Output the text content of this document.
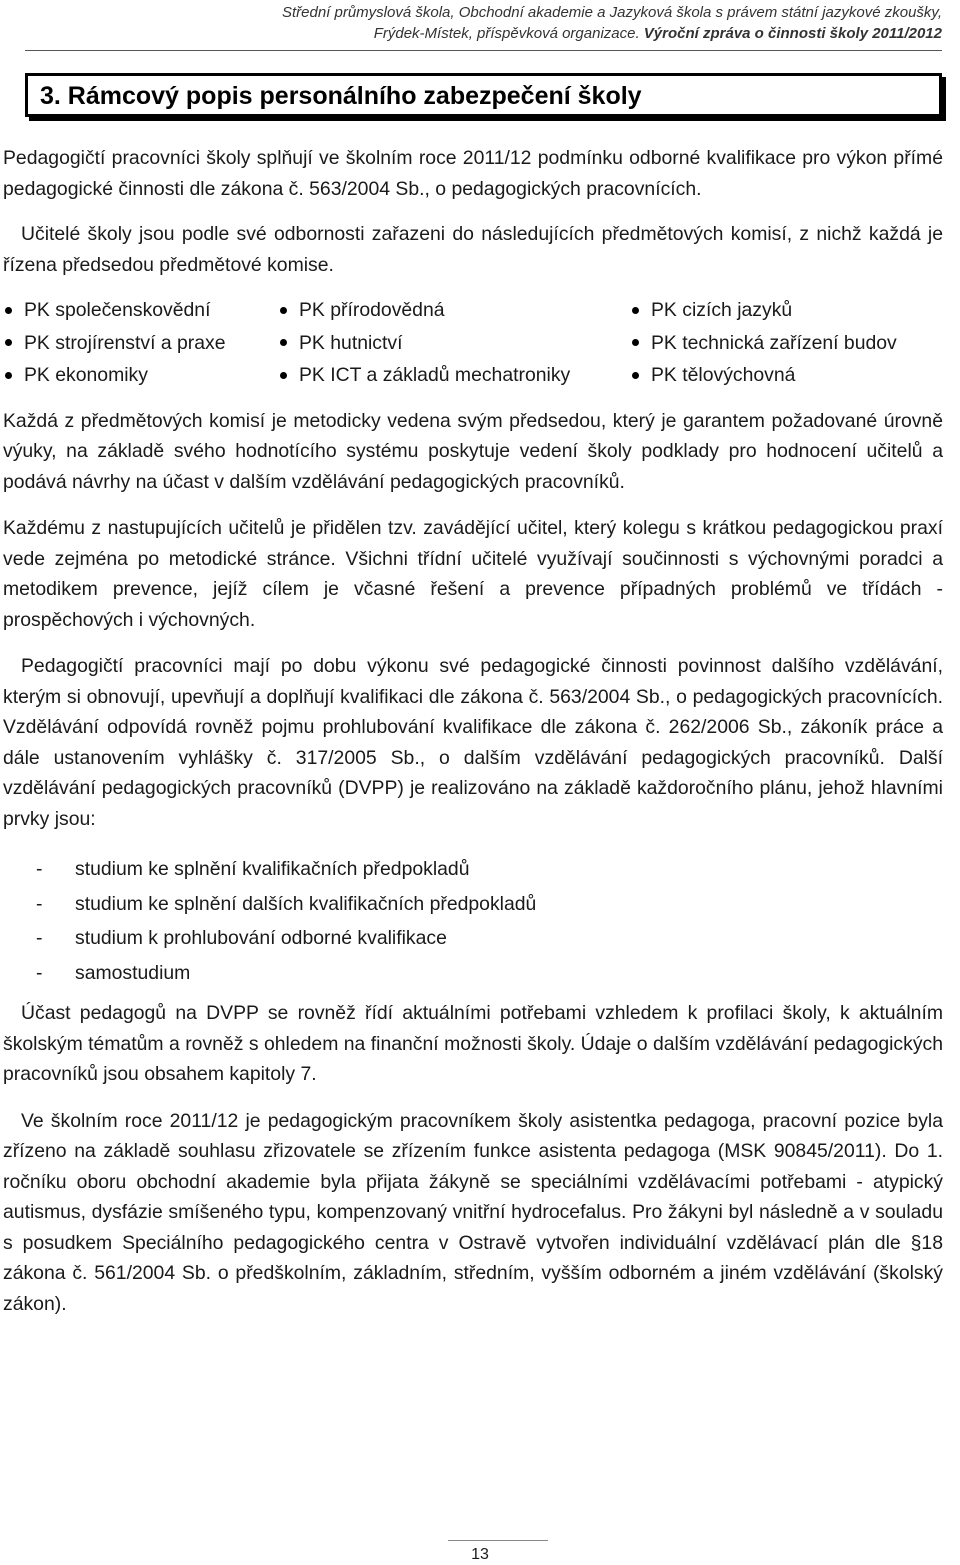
Střední průmyslová škola, Obchodní akademie a Jazyková škola s právem státní jazykové zkoušky,
Frýdek-Místek, příspěvková organizace. Výroční zpráva o činnosti školy 2011/2012
3. Rámcový popis personálního zabezpečení školy

Pedagogičtí pracovníci školy splňují ve školním roce 2011/12 podmínku odborné kvalifikace pro výkon přímé pedagogické činnosti dle zákona č. 563/2004 Sb., o pedagogických pracovnících.

Učitelé školy jsou podle své odbornosti zařazeni do následujících předmětových komisí, z nichž každá je řízena předsedou předmětové komise.

PK společenskovědní	PK přírodovědná	PK cizích jazyků
PK strojírenství a praxe	PK hutnictví	PK technická zařízení budov
PK ekonomiky	PK ICT a základů mechatroniky	PK tělovýchovná

Každá z předmětových komisí je metodicky vedena svým předsedou, který je garantem požadované úrovně výuky, na základě svého hodnotícího systému poskytuje vedení školy podklady pro hodnocení učitelů a podává návrhy na účast v dalším vzdělávání pedagogických pracovníků.

Každému z nastupujících učitelů je přidělen tzv. zavádějící učitel, který kolegu s krátkou pedagogickou praxí vede zejména po metodické stránce. Všichni třídní učitelé využívají součinnosti s výchovnými poradci a metodikem prevence, jejíž cílem je včasné řešení a prevence případných problémů ve třídách - prospěchových i výchovných.

Pedagogičtí pracovníci mají po dobu výkonu své pedagogické činnosti povinnost dalšího vzdělávání, kterým si obnovují, upevňují a doplňují kvalifikaci dle zákona č. 563/2004 Sb., o pedagogických pracovnících. Vzdělávání odpovídá rovněž pojmu prohlubování kvalifikace dle zákona č. 262/2006 Sb., zákoník práce a dále ustanovením vyhlášky č. 317/2005 Sb., o dalším vzdělávání pedagogických pracovníků. Další vzdělávání pedagogických pracovníků (DVPP) je realizováno na základě každoročního plánu, jehož hlavními prvky jsou:

-	studium ke splnění kvalifikačních předpokladů
-	studium ke splnění dalších kvalifikačních předpokladů
-	studium k prohlubování odborné kvalifikace
-	samostudium

Účast pedagogů na DVPP se rovněž řídí aktuálními potřebami vzhledem k profilaci školy, k aktuálním školským tématům a rovněž s ohledem na finanční možnosti školy. Údaje o dalším vzdělávání pedagogických pracovníků jsou obsahem kapitoly 7.

Ve školním roce 2011/12 je pedagogickým pracovníkem školy asistentka pedagoga, pracovní pozice byla zřízeno na základě souhlasu zřizovatele se zřízením funkce asistenta pedagoga (MSK 90845/2011). Do 1. ročníku oboru obchodní akademie byla přijata žákyně se speciálními vzdělávacími potřebami - atypický autismus, dysfázie smíšeného typu, kompenzovaný vnitřní hydrocefalus. Pro žákyni byl následně a v souladu s posudkem Speciálního pedagogického centra v Ostravě vytvořen individuální vzdělávací plán dle §18 zákona č. 561/2004 Sb. o předškolním, základním, středním, vyšším odborném a jiném vzdělávání (školský zákon).

13
